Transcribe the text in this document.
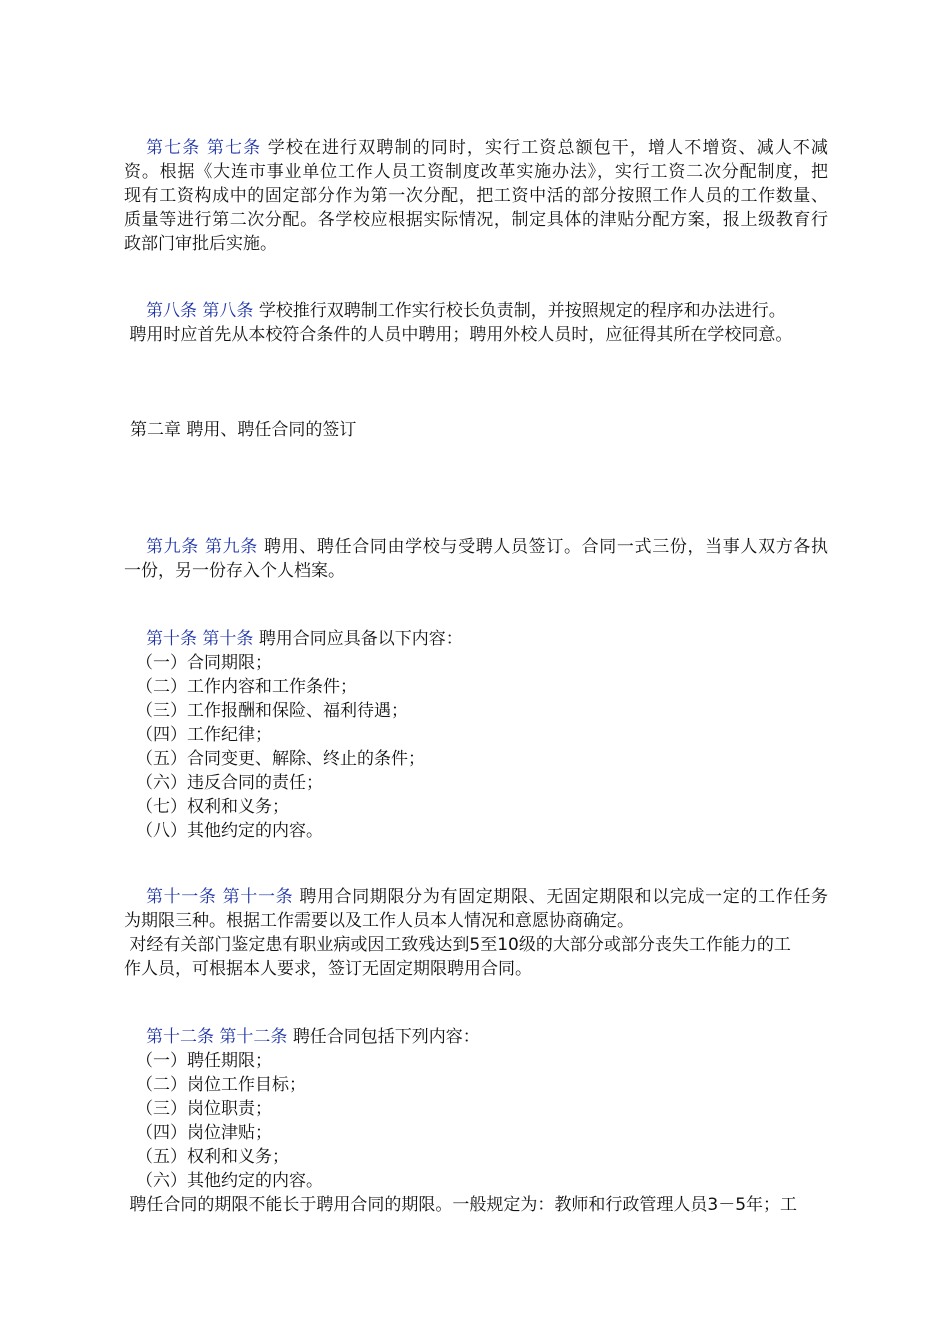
第七条 第七条 学校在进行双聘制的同时，实行工资总额包干，增人不增资、减人不减
资。根据《大连市事业单位工作人员工资制度改革实施办法》，实行工资二次分配制度，把
现有工资构成中的固定部分作为第一次分配，把工资中活的部分按照工作人员的工作数量、
质量等进行第二次分配。各学校应根据实际情况，制定具体的津贴分配方案，报上级教育行
政部门审批后实施。
第八条 第八条 学校推行双聘制工作实行校长负责制，并按照规定的程序和办法进行。
聘用时应首先从本校符合条件的人员中聘用；聘用外校人员时，应征得其所在学校同意。
第二章 聘用、聘任合同的签订
第九条 第九条 聘用、聘任合同由学校与受聘人员签订。合同一式三份，当事人双方各执
一份，另一份存入个人档案。
第十条 第十条 聘用合同应具备以下内容：
（一）合同期限；
（二）工作内容和工作条件；
（三）工作报酬和保险、福利待遇；
（四）工作纪律；
（五）合同变更、解除、终止的条件；
（六）违反合同的责任；
（七）权利和义务；
（八）其他约定的内容。
第十一条 第十一条 聘用合同期限分为有固定期限、无固定期限和以完成一定的工作任务
为期限三种。根据工作需要以及工作人员本人情况和意愿协商确定。
对经有关部门鉴定患有职业病或因工致残达到5至10级的大部分或部分丧失工作能力的工
作人员，可根据本人要求，签订无固定期限聘用合同。
第十二条 第十二条 聘任合同包括下列内容：
（一）聘任期限；
（二）岗位工作目标；
（三）岗位职责；
（四）岗位津贴；
（五）权利和义务；
（六）其他约定的内容。
聘任合同的期限不能长于聘用合同的期限。一般规定为：教师和行政管理人员3－5年；工
